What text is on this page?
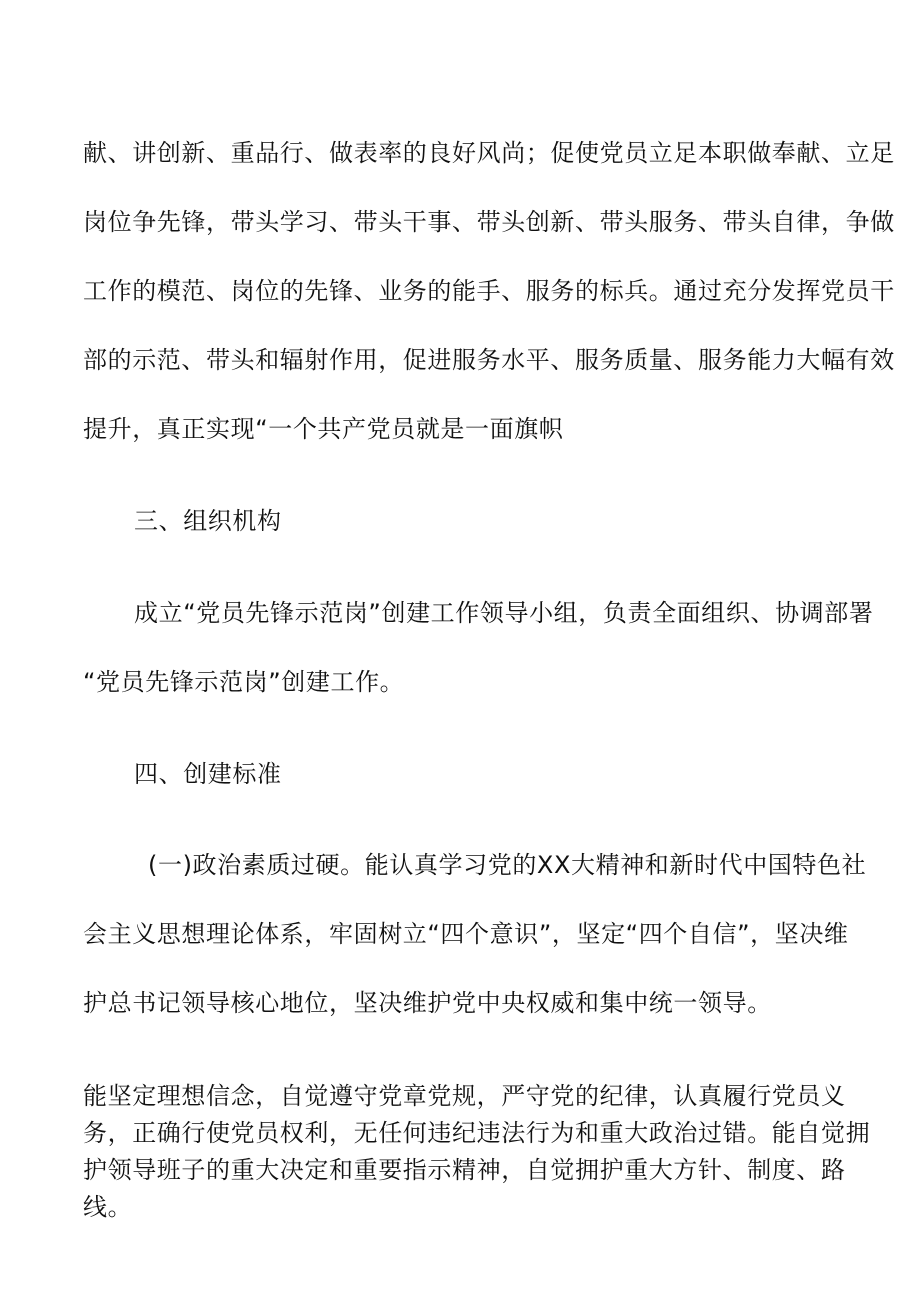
献、讲创新、重品行、做表率的良好风尚；促使党员立足本职做奉献、立足
岗位争先锋，带头学习、带头干事、带头创新、带头服务、带头自律，争做
工作的模范、岗位的先锋、业务的能手、服务的标兵。通过充分发挥党员干
部的示范、带头和辐射作用，促进服务水平、服务质量、服务能力大幅有效
提升，真正实现“一个共产党员就是一面旗帜
三、组织机构
成立“党员先锋示范岗”创建工作领导小组，负责全面组织、协调部署
“党员先锋示范岗”创建工作。
四、创建标准
(一)政治素质过硬。能认真学习党的XX大精神和新时代中国特色社
会主义思想理论体系，牢固树立“四个意识”，坚定“四个自信”，坚决维
护总书记领导核心地位，坚决维护党中央权威和集中统一领导。
能坚定理想信念，自觉遵守党章党规，严守党的纪律，认真履行党员义
务，正确行使党员权利，无任何违纪违法行为和重大政治过错。能自觉拥
护领导班子的重大决定和重要指示精神，自觉拥护重大方针、制度、路
线。
